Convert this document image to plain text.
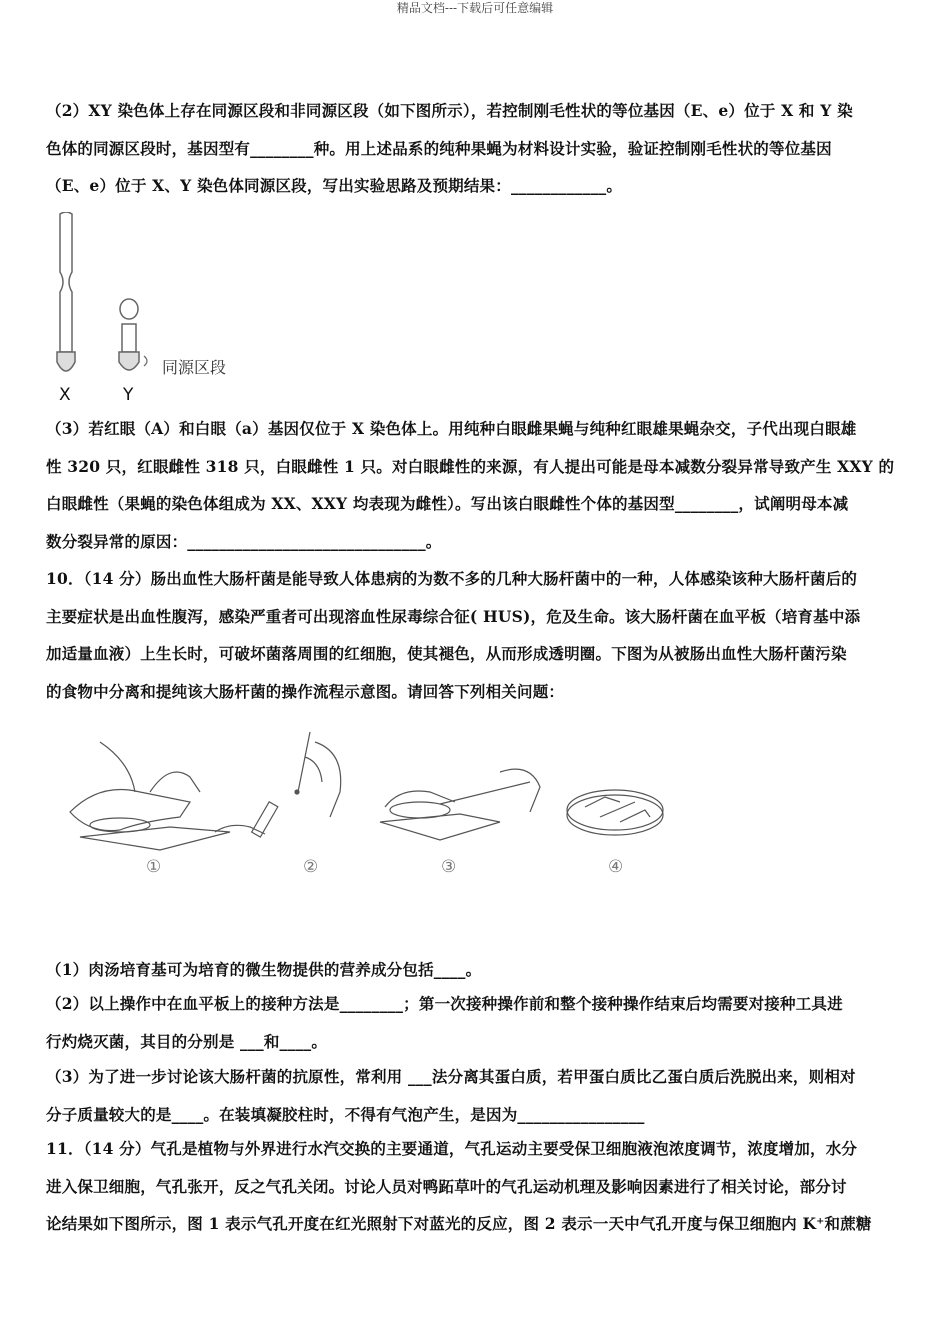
精品文档---下载后可任意编辑
（2）XY 染色体上存在同源区段和非同源区段（如下图所示），若控制刚毛性状的等位基因（E、e）位于 X 和 Y 染
色体的同源区段时，基因型有________种。用上述品系的纯种果蝇为材料设计实验，验证控制刚毛性状的等位基因
（E、e）位于 X、Y 染色体同源区段，写出实验思路及预期结果：____________。
同源区段
X	Y
（3）若红眼（A）和白眼（a）基因仅位于 X 染色体上。用纯种白眼雌果蝇与纯种红眼雄果蝇杂交，子代出现白眼雄
性 320 只，红眼雌性 318 只，白眼雌性 1 只。对白眼雌性的来源，有人提出可能是母本减数分裂异常导致产生 XXY 的
白眼雌性（果蝇的染色体组成为 XX、XXY 均表现为雌性）。写出该白眼雌性个体的基因型________，试阐明母本减
数分裂异常的原因：______________________________。
10．（14 分）肠出血性大肠杆菌是能导致人体患病的为数不多的几种大肠杆菌中的一种，人体感染该种大肠杆菌后的
主要症状是出血性腹泻，感染严重者可出现溶血性尿毒综合征( HUS)，危及生命。该大肠杆菌在血平板（培育基中添
加适量血液）上生长时，可破坏菌落周围的红细胞，使其褪色，从而形成透明圈。下图为从被肠出血性大肠杆菌污染
的食物中分离和提纯该大肠杆菌的操作流程示意图。请回答下列相关问题：
①	②	③	④
（1）肉汤培育基可为培育的微生物提供的营养成分包括____。
（2）以上操作中在血平板上的接种方法是________；第一次接种操作前和整个接种操作结束后均需要对接种工具进
行灼烧灭菌，其目的分别是 ___和____。
（3）为了进一步讨论该大肠杆菌的抗原性，常利用 ___法分离其蛋白质，若甲蛋白质比乙蛋白质后洗脱出来，则相对
分子质量较大的是____。在装填凝胶柱时，不得有气泡产生，是因为________________
11．（14 分）气孔是植物与外界进行水汽交换的主要通道，气孔运动主要受保卫细胞液泡浓度调节，浓度增加，水分
进入保卫细胞，气孔张开，反之气孔关闭。讨论人员对鸭跖草叶的气孔运动机理及影响因素进行了相关讨论，部分讨
论结果如下图所示，图 1 表示气孔开度在红光照射下对蓝光的反应，图 2 表示一天中气孔开度与保卫细胞内 K⁺和蔗糖
